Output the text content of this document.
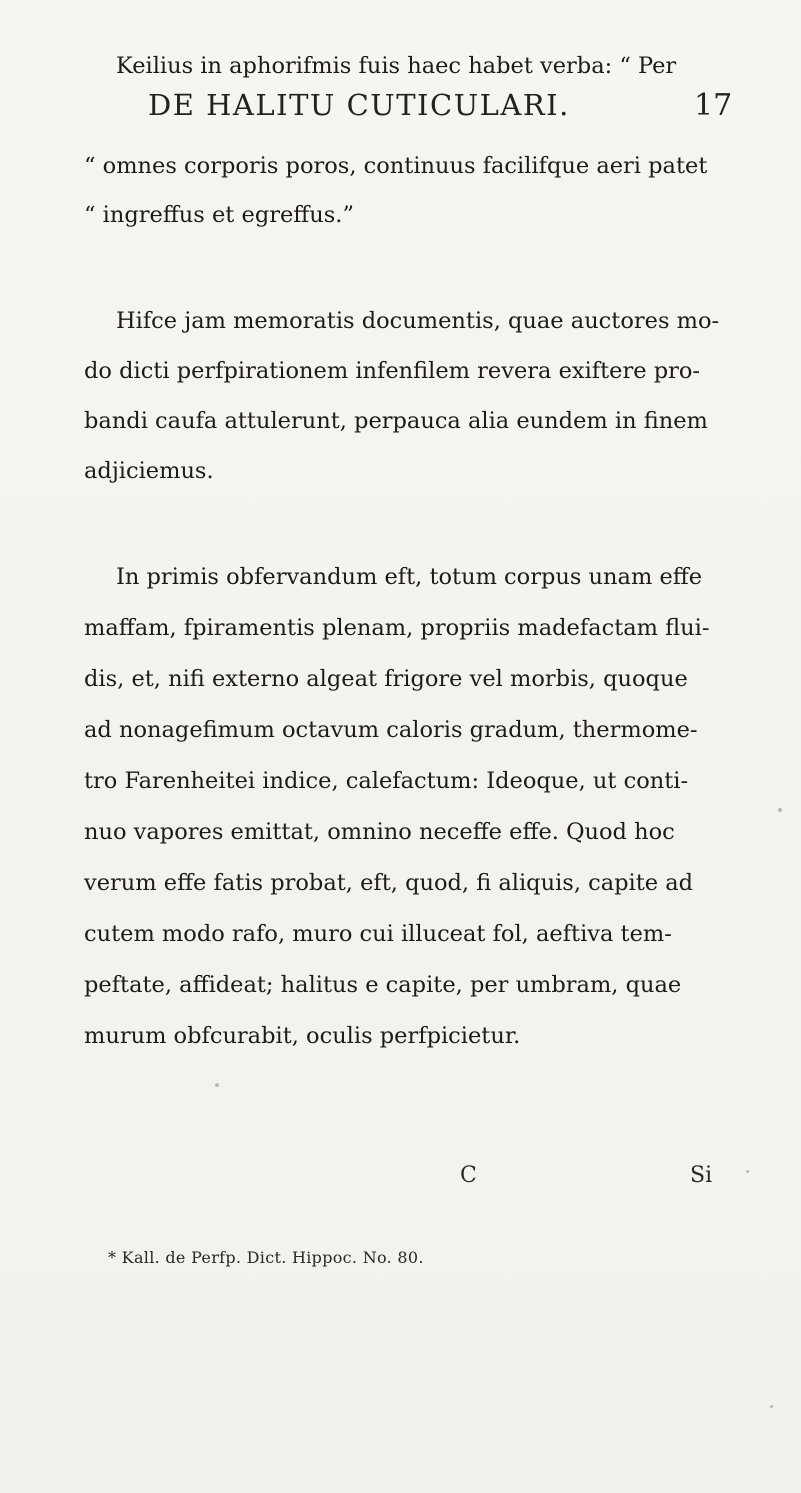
DE HALITU CUTICULARI.	17
Keilius in aphorifmis fuis haec habet verba: “ Per
“ omnes corporis poros, continuus facilifque aeri patet
“ ingreffus et egreffus.”
Hifce jam memoratis documentis, quae auctores mo-
do dicti perfpirationem infenfilem revera exiftere pro-
bandi caufa attulerunt, perpauca alia eundem in finem
adjiciemus.
In primis obfervandum eft, totum corpus unam effe
maffam, fpiramentis plenam, propriis madefactam flui-
dis, et, nifi externo algeat frigore vel morbis, quoque
ad nonagefimum octavum caloris gradum, thermome-
tro Farenheitei indice, calefactum: Ideoque, ut conti-
nuo vapores emittat, omnino neceffe effe. Quod hoc
verum effe fatis probat, eft, quod, fi aliquis, capite ad
cutem modo rafo, muro cui illuceat fol, aeftiva tem-
peftate, affideat; halitus e capite, per umbram, quae
murum obfcurabit, oculis perfpicietur.
C	Si
* Kall. de Perfp. Dict. Hippoc. No. 80.
